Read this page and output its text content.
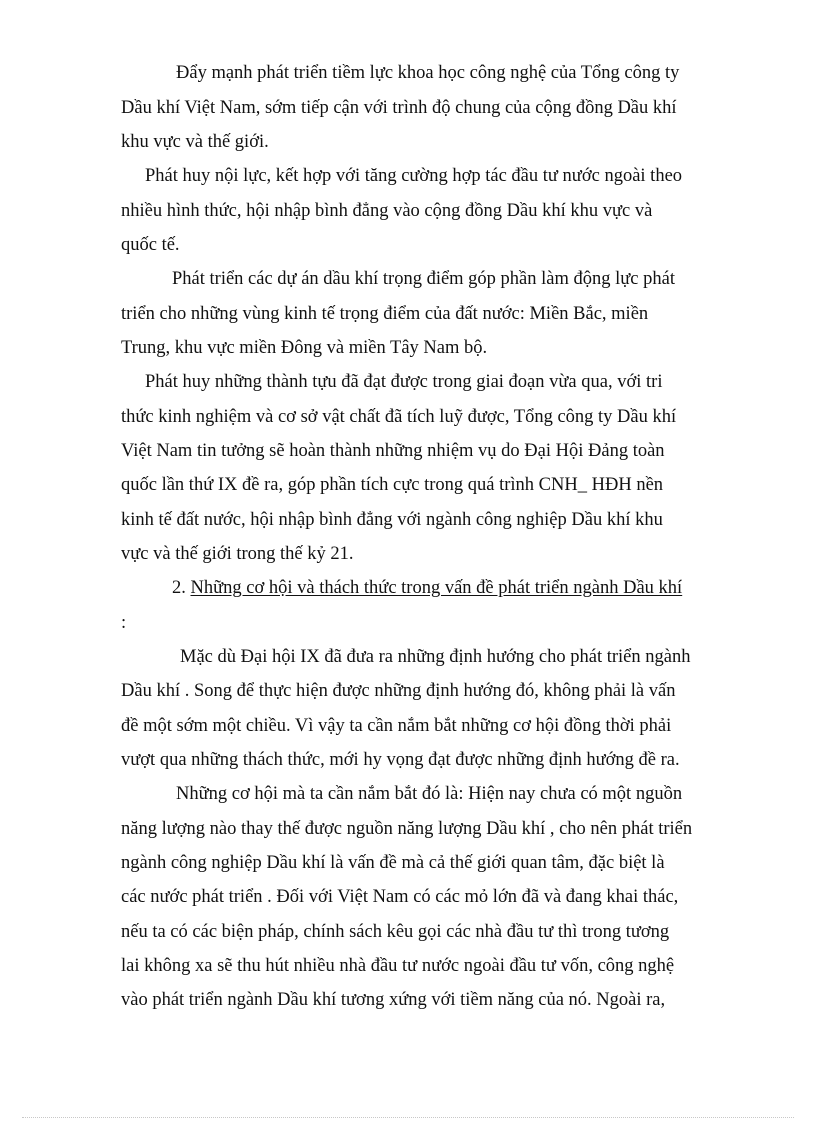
Đẩy mạnh phát triển tiềm lực khoa học công nghệ của Tổng công ty
Dầu khí Việt Nam, sớm tiếp cận với trình độ chung của cộng đồng Dầu khí
khu vực và thế giới.
Phát huy nội lực, kết hợp với tăng cường hợp tác đầu tư nước ngoài theo
nhiều hình thức, hội nhập bình đẳng vào cộng đồng Dầu khí khu vực và
quốc tế.
Phát triển các dự án dầu khí trọng điểm góp phần làm động lực phát
triển cho những vùng kinh tế trọng điểm của đất nước: Miền Bắc, miền
Trung, khu vực miền Đông và miền Tây Nam bộ.
Phát huy những thành tựu đã đạt được trong giai đoạn vừa qua, với tri
thức kinh nghiệm và cơ sở vật chất đã tích luỹ được, Tổng công ty Dầu khí
Việt Nam tin tưởng sẽ hoàn thành những nhiệm vụ do Đại Hội Đảng toàn
quốc lần thứ IX đề ra, góp phần tích cực trong quá trình CNH_ HĐH nền
kinh tế đất nước, hội nhập bình đẳng với ngành công nghiệp Dầu khí khu
vực và thế giới trong thế kỷ 21.
2. Những cơ hội và thách thức trong vấn đề phát triển ngành Dầu khí
:
Mặc dù Đại hội IX đã đưa ra những định hướng cho phát triển ngành
Dầu khí . Song để thực hiện được những định hướng đó, không phải là vấn
đề một sớm một chiều. Vì vậy ta cần nắm bắt những cơ hội đồng thời phải
vượt qua những thách thức, mới hy vọng đạt được những định hướng đề ra.
Những cơ hội mà ta cần nắm bắt đó là: Hiện nay chưa có một nguồn
năng lượng nào thay thế được nguồn năng lượng Dầu khí , cho nên phát triển
ngành công nghiệp Dầu khí là vấn đề mà cả thế giới quan tâm, đặc biệt là
các nước phát triển . Đối với Việt Nam có các mỏ lớn đã và đang khai thác,
nếu ta có các biện pháp, chính sách kêu gọi các nhà đầu tư thì trong tương
lai không xa sẽ thu hút nhiều nhà đầu tư nước ngoài đầu tư vốn, công nghệ
vào phát triển ngành Dầu khí tương xứng với tiềm năng của nó. Ngoài ra,
